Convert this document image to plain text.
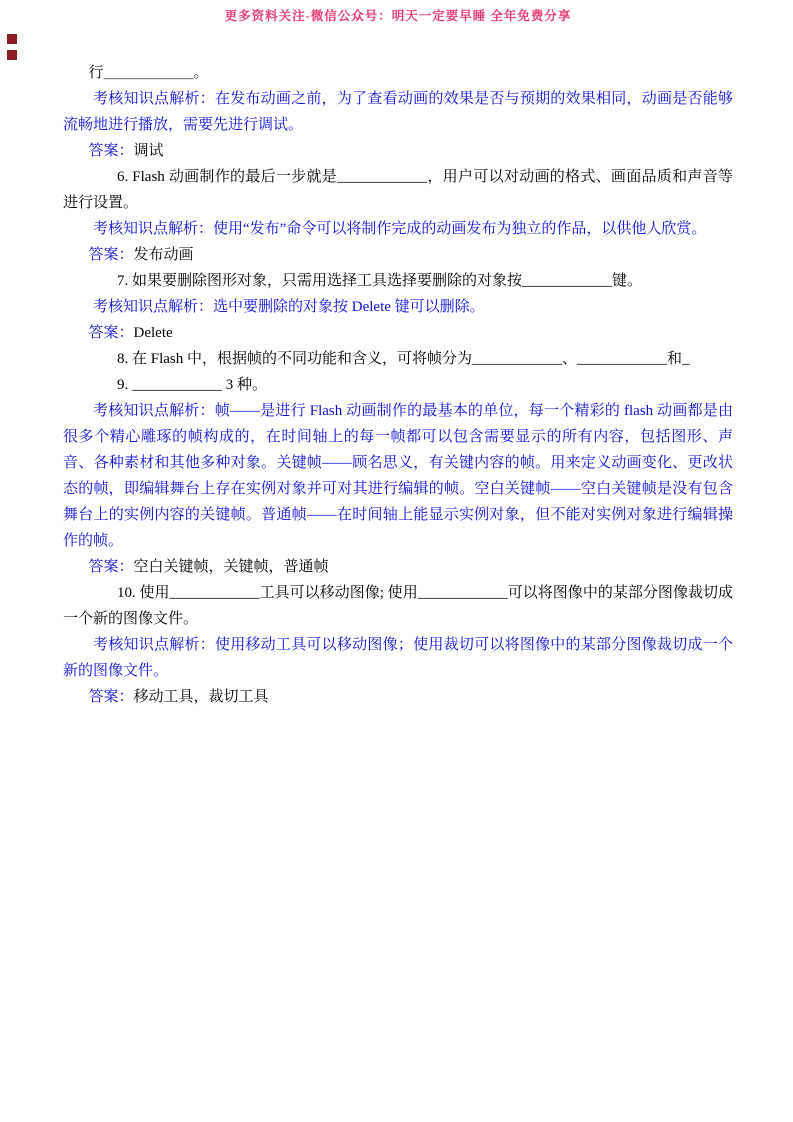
更多资料关注-微信公众号：明天一定要早睡 全年免费分享

行＿＿＿＿＿＿。

考核知识点解析：在发布动画之前，为了查看动画的效果是否与预期的效果相同，动画是否能够流畅地进行播放，需要先进行调试。

答案：调试

6. Flash 动画制作的最后一步就是____________，用户可以对动画的格式、画面品质和声音等进行设置。

考核知识点解析：使用“发布”命令可以将制作完成的动画发布为独立的作品，以供他人欣赏。

答案：发布动画

7. 如果要删除图形对象，只需用选择工具选择要删除的对象按____________键。

考核知识点解析：选中要删除的对象按 Delete 键可以删除。

答案：Delete

8. 在 Flash 中，根据帧的不同功能和含义，可将帧分为____________、____________和_

9. ____________ 3 种。

考核知识点解析：帧——是进行 Flash 动画制作的最基本的单位，每一个精彩的 flash 动画都是由很多个精心雕琢的帧构成的，在时间轴上的每一帧都可以包含需要显示的所有内容，包括图形、声音、各种素材和其他多种对象。关键帧——顾名思义，有关键内容的帧。用来定义动画变化、更改状态的帧，即编辑舞台上存在实例对象并可对其进行编辑的帧。空白关键帧——空白关键帧是没有包含舞台上的实例内容的关键帧。普通帧——在时间轴上能显示实例对象，但不能对实例对象进行编辑操作的帧。

答案：空白关键帧，关键帧，普通帧

10. 使用____________工具可以移动图像; 使用____________可以将图像中的某部分图像裁切成一个新的图像文件。

考核知识点解析：使用移动工具可以移动图像；使用裁切可以将图像中的某部分图像裁切成一个新的图像文件。

答案：移动工具，裁切工具
